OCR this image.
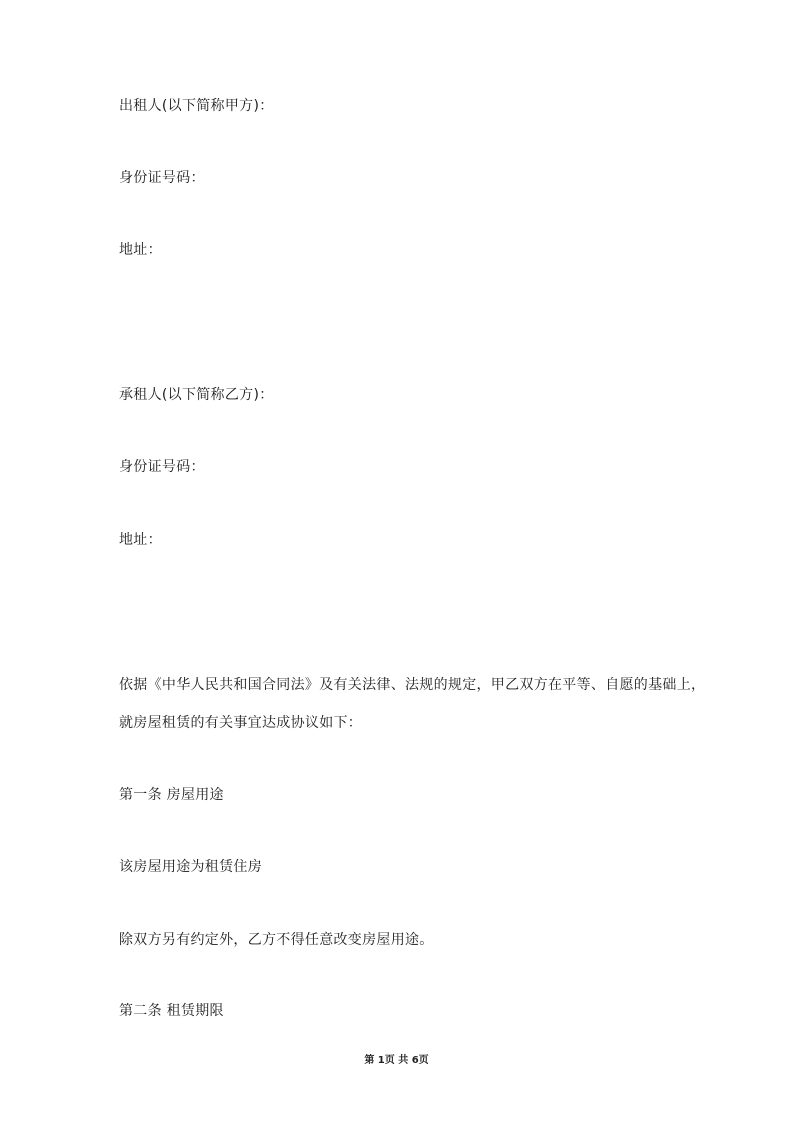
出租人(以下简称甲方)：
身份证号码：
地址：
承租人(以下简称乙方)：
身份证号码：
地址：
依据《中华人民共和国合同法》及有关法律、法规的规定，甲乙双方在平等、自愿的基础上，
就房屋租赁的有关事宜达成协议如下：
第一条 房屋用途
该房屋用途为租赁住房
除双方另有约定外，乙方不得任意改变房屋用途。
第二条 租赁期限
第 1页 共 6页
